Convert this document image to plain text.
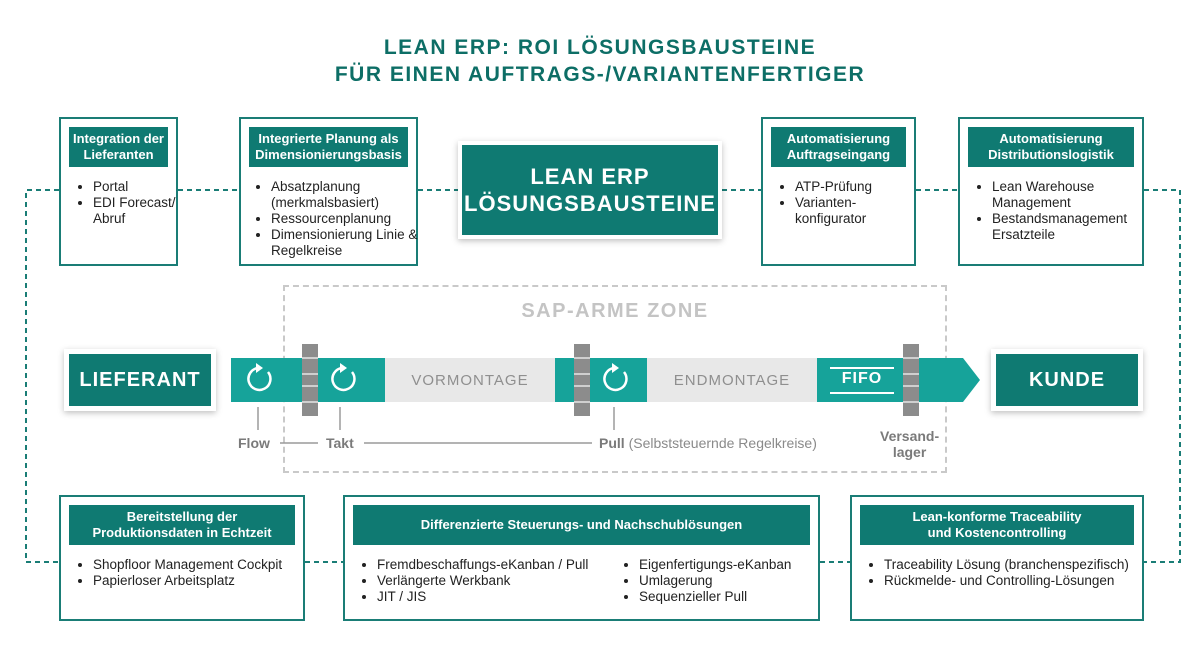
LEAN ERP: ROI LÖSUNGSBAUSTEINE
FÜR EINEN AUFTRAGS-/VARIANTENFERTIGER
Integration der
Lieferanten
• Portal
• EDI Forecast/ Abruf
Integrierte Planung als
Dimensionierungsbasis
• Absatzplanung (merkmalsbasiert)
• Ressourcenplanung
• Dimensionierung Linie & Regelkreise
LEAN ERP
LÖSUNGSBAUSTEINE
Automatisierung
Auftragseingang
• ATP-Prüfung
• Varianten-konfigurator
Automatisierung
Distributionslogistik
• Lean Warehouse Management
• Bestandsmanagement Ersatzteile
SAP-ARME ZONE
VORMONTAGE	ENDMONTAGE	FIFO
LIEFERANT	KUNDE
Flow	Takt	Pull (Selbststeuernde Regelkreise)	Versand-
lager
Bereitstellung der
Produktionsdaten in Echtzeit
• Shopfloor Management Cockpit
• Papierloser Arbeitsplatz
Differenzierte Steuerungs- und Nachschublösungen
• Fremdbeschaffungs-eKanban / Pull
• Verlängerte Werkbank
• JIT / JIS
• Eigenfertigungs-eKanban
• Umlagerung
• Sequenzieller Pull
Lean-konforme Traceability
und Kostencontrolling
• Traceability Lösung (branchenspezifisch)
• Rückmelde- und Controlling-Lösungen
